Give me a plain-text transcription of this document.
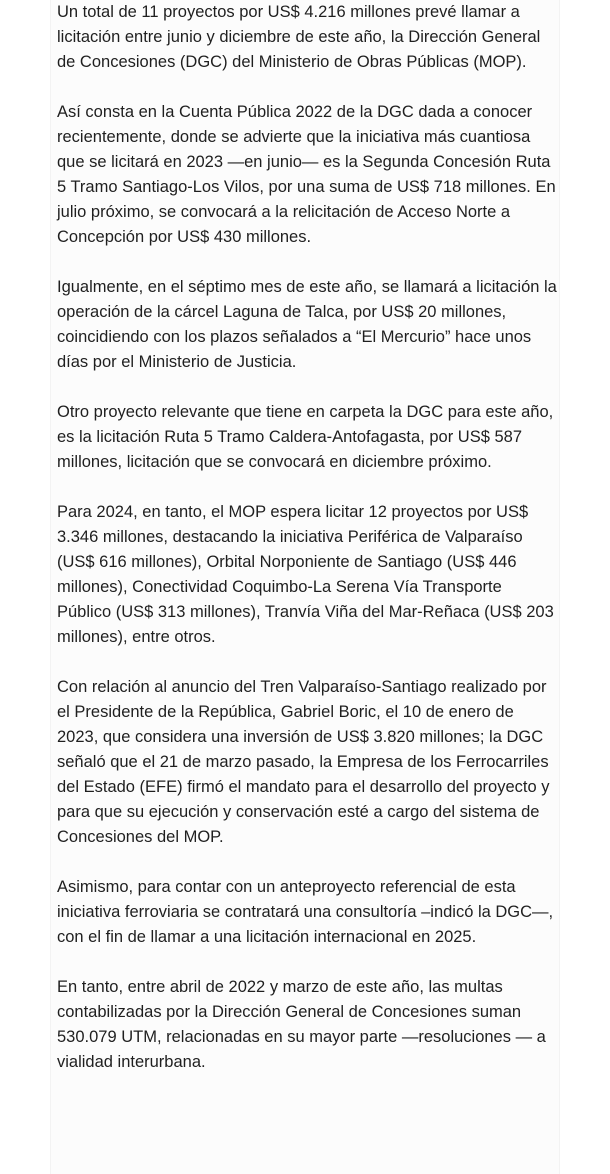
Un total de 11 proyectos por US$ 4.216 millones prevé llamar a licitación entre junio y diciembre de este año, la Dirección General de Concesiones (DGC) del Ministerio de Obras Públicas (MOP).

Así consta en la Cuenta Pública 2022 de la DGC dada a conocer recientemente, donde se advierte que la iniciativa más cuantiosa que se licitará en 2023 —en junio— es la Segunda Concesión Ruta 5 Tramo Santiago-Los Vilos, por una suma de US$ 718 millones. En julio próximo, se convocará a la relicitación de Acceso Norte a Concepción por US$ 430 millones.

Igualmente, en el séptimo mes de este año, se llamará a licitación la operación de la cárcel Laguna de Talca, por US$ 20 millones, coincidiendo con los plazos señalados a “El Mercurio” hace unos días por el Ministerio de Justicia.

Otro proyecto relevante que tiene en carpeta la DGC para este año, es la licitación Ruta 5 Tramo Caldera-Antofagasta, por US$ 587 millones, licitación que se convocará en diciembre próximo.

Para 2024, en tanto, el MOP espera licitar 12 proyectos por US$ 3.346 millones, destacando la iniciativa Periférica de Valparaíso (US$ 616 millones), Orbital Norponiente de Santiago (US$ 446 millones), Conectividad Coquimbo-La Serena Vía Transporte Público (US$ 313 millones), Tranvía Viña del Mar-Reñaca (US$ 203 millones), entre otros.

Con relación al anuncio del Tren Valparaíso-Santiago realizado por el Presidente de la República, Gabriel Boric, el 10 de enero de 2023, que considera una inversión de US$ 3.820 millones; la DGC señaló que el 21 de marzo pasado, la Empresa de los Ferrocarriles del Estado (EFE) firmó el mandato para el desarrollo del proyecto y para que su ejecución y conservación esté a cargo del sistema de Concesiones del MOP.

Asimismo, para contar con un anteproyecto referencial de esta iniciativa ferroviaria se contratará una consultoría –indicó la DGC—, con el fin de llamar a una licitación internacional en 2025.

En tanto, entre abril de 2022 y marzo de este año, las multas contabilizadas por la Dirección General de Concesiones suman 530.079 UTM, relacionadas en su mayor parte —resoluciones — a vialidad interurbana.
